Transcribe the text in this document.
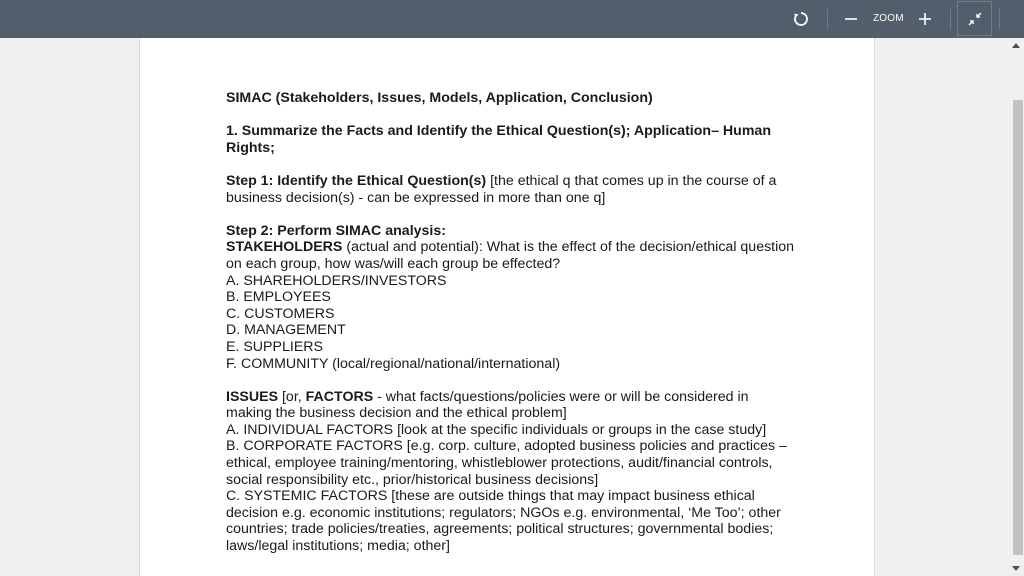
ZOOM

SIMAC (Stakeholders, Issues, Models, Application, Conclusion)

1. Summarize the Facts and Identify the Ethical Question(s); Application– Human Rights;

Step 1: Identify the Ethical Question(s) [the ethical q that comes up in the course of a business decision(s) - can be expressed in more than one q]

Step 2: Perform SIMAC analysis:
STAKEHOLDERS (actual and potential): What is the effect of the decision/ethical question on each group, how was/will each group be effected?
A. SHAREHOLDERS/INVESTORS
B. EMPLOYEES
C. CUSTOMERS
D. MANAGEMENT
E. SUPPLIERS
F. COMMUNITY (local/regional/national/international)

ISSUES [or, FACTORS - what facts/questions/policies were or will be considered in making the business decision and the ethical problem]
A. INDIVIDUAL FACTORS [look at the specific individuals or groups in the case study]
B. CORPORATE FACTORS [e.g. corp. culture, adopted business policies and practices – ethical, employee training/mentoring, whistleblower protections, audit/financial controls, social responsibility etc., prior/historical business decisions]
C. SYSTEMIC FACTORS [these are outside things that may impact business ethical decision e.g. economic institutions; regulators; NGOs e.g. environmental, ‘Me Too’; other countries; trade policies/treaties, agreements; political structures; governmental bodies; laws/legal institutions; media; other]
